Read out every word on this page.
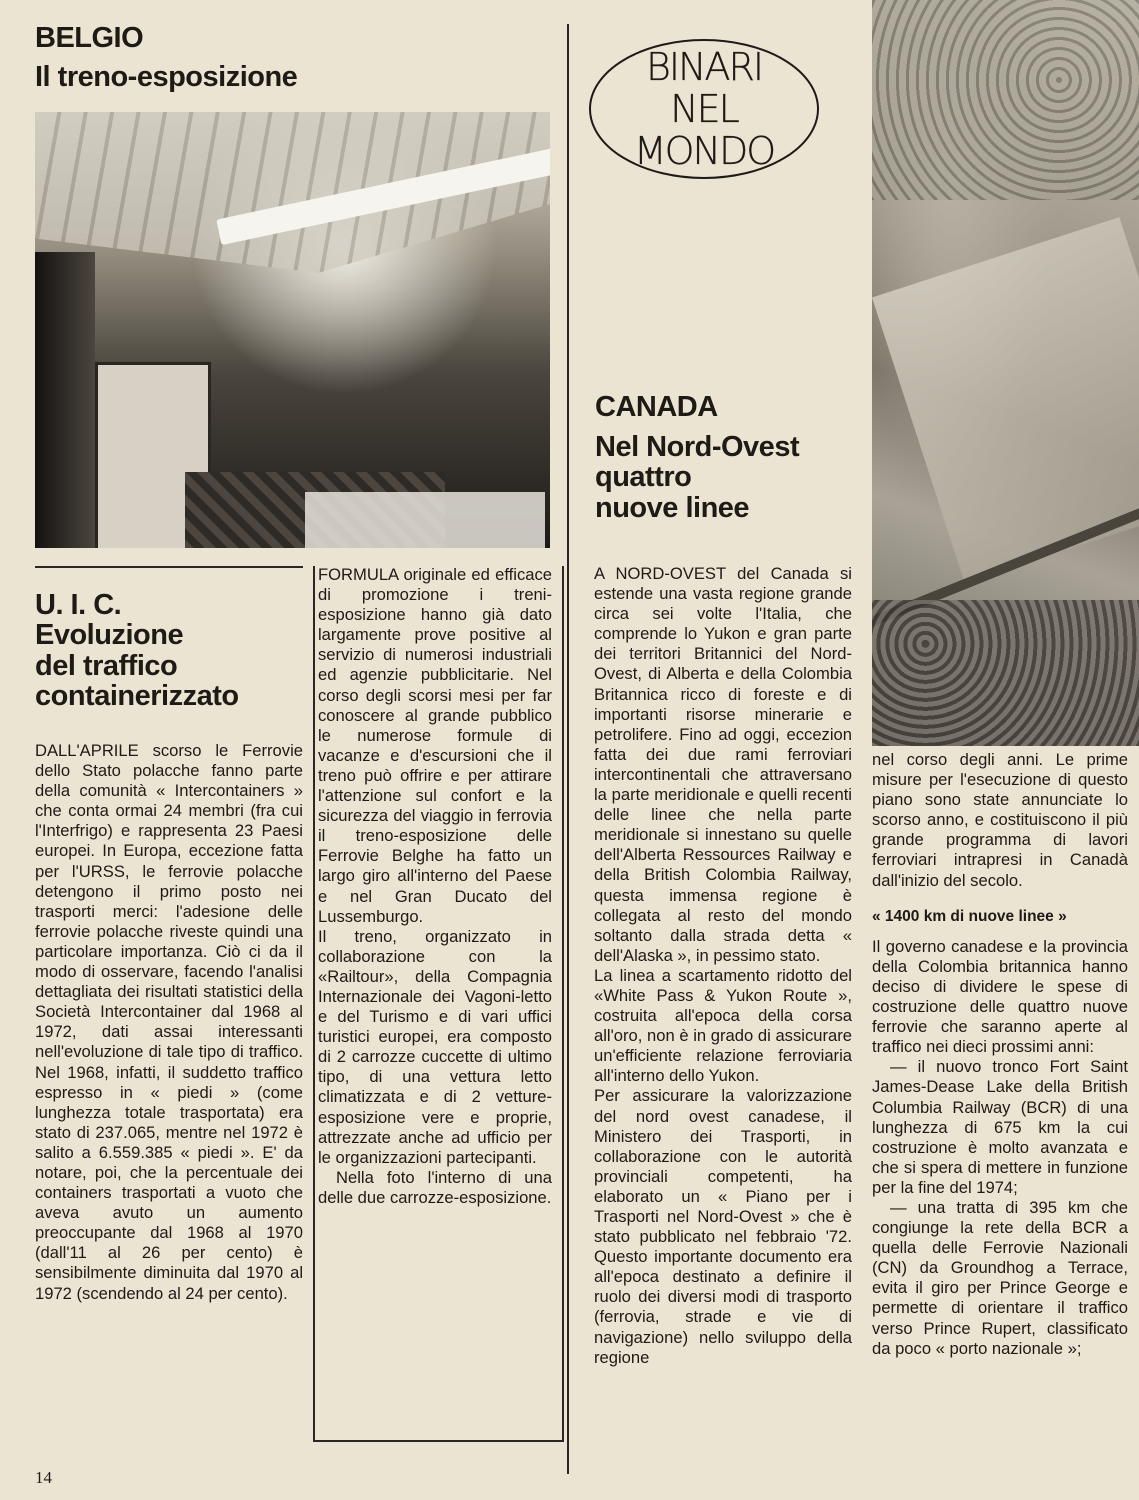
BELGIO
Il treno-esposizione	BINARI
NEL
MONDO
U. I. C.
Evoluzione
del traffico
containerizzato

DALL'APRILE scorso le Ferrovie dello Stato polacche fanno parte della comunità « Intercontainers » che conta ormai 24 membri (fra cui l'Interfrigo) e rappresenta 23 Paesi europei. In Europa, eccezione fatta per l'URSS, le ferrovie polacche detengono il primo posto nei trasporti merci: l'adesione delle ferrovie polacche riveste quindi una particolare importanza. Ciò ci da il modo di osservare, facendo l'analisi dettagliata dei risultati statistici della Società Intercontainer dal 1968 al 1972, dati assai interessanti nell'evoluzione di tale tipo di traffico. Nel 1968, infatti, il suddetto traffico espresso in « piedi » (come lunghezza totale trasportata) era stato di 237.065, mentre nel 1972 è salito a 6.559.385 « piedi ». E' da notare, poi, che la percentuale dei containers trasportati a vuoto che aveva avuto un aumento preoccupante dal 1968 al 1970 (dall'11 al 26 per cento) è sensibilmente diminuita dal 1970 al 1972 (scendendo al 24 per cento).

FORMULA originale ed efficace di promozione i treni-esposizione hanno già dato largamente prove positive al servizio di numerosi industriali ed agenzie pubblicitarie. Nel corso degli scorsi mesi per far conoscere al grande pubblico le numerose formule di vacanze e d'escursioni che il treno può offrire e per attirare l'attenzione sul confort e la sicurezza del viaggio in ferrovia il treno-esposizione delle Ferrovie Belghe ha fatto un largo giro all'interno del Paese e nel Gran Ducato del Lussemburgo.

Il treno, organizzato in collaborazione con la «Railtour», della Compagnia Internazionale dei Vagoni-letto e del Turismo e di vari uffici turistici europei, era composto di 2 carrozze cuccette di ultimo tipo, di una vettura letto climatizzata e di 2 vetture-esposizione vere e proprie, attrezzate anche ad ufficio per le organizzazioni partecipanti.

Nella foto l'interno di una delle due carrozze-esposizione.

CANADA
Nel Nord-Ovest
quattro
nuove linee

A NORD-OVEST del Canada si estende una vasta regione grande circa sei volte l'Italia, che comprende lo Yukon e gran parte dei territori Britannici del Nord-Ovest, di Alberta e della Colombia Britannica ricco di foreste e di importanti risorse minerarie e petrolifere. Fino ad oggi, eccezion fatta dei due rami ferroviari intercontinentali che attraversano la parte meridionale e quelli recenti delle linee che nella parte meridionale si innestano su quelle dell'Alberta Ressources Railway e della British Colombia Railway, questa immensa regione è collegata al resto del mondo soltanto dalla strada detta « dell'Alaska », in pessimo stato.

La linea a scartamento ridotto del «White Pass & Yukon Route », costruita all'epoca della corsa all'oro, non è in grado di assicurare un'efficiente relazione ferroviaria all'interno dello Yukon.

Per assicurare la valorizzazione del nord ovest canadese, il Ministero dei Trasporti, in collaborazione con le autorità provinciali competenti, ha elaborato un « Piano per i Trasporti nel Nord-Ovest » che è stato pubblicato nel febbraio '72. Questo importante documento era all'epoca destinato a definire il ruolo dei diversi modi di trasporto (ferrovia, strade e vie di navigazione) nello sviluppo della regione

nel corso degli anni. Le prime misure per l'esecuzione di questo piano sono state annunciate lo scorso anno, e costituiscono il più grande programma di lavori ferroviari intrapresi in Canadà dall'inizio del secolo.

« 1400 km di nuove linee »

Il governo canadese e la provincia della Colombia britannica hanno deciso di dividere le spese di costruzione delle quattro nuove ferrovie che saranno aperte al traffico nei dieci prossimi anni:

— il nuovo tronco Fort Saint James-Dease Lake della British Columbia Railway (BCR) di una lunghezza di 675 km la cui costruzione è molto avanzata e che si spera di mettere in funzione per la fine del 1974;

— una tratta di 395 km che congiunge la rete della BCR a quella delle Ferrovie Nazionali (CN) da Groundhog a Terrace, evita il giro per Prince George e permette di orientare il traffico verso Prince Rupert, classificato da poco « porto nazionale »;

14
